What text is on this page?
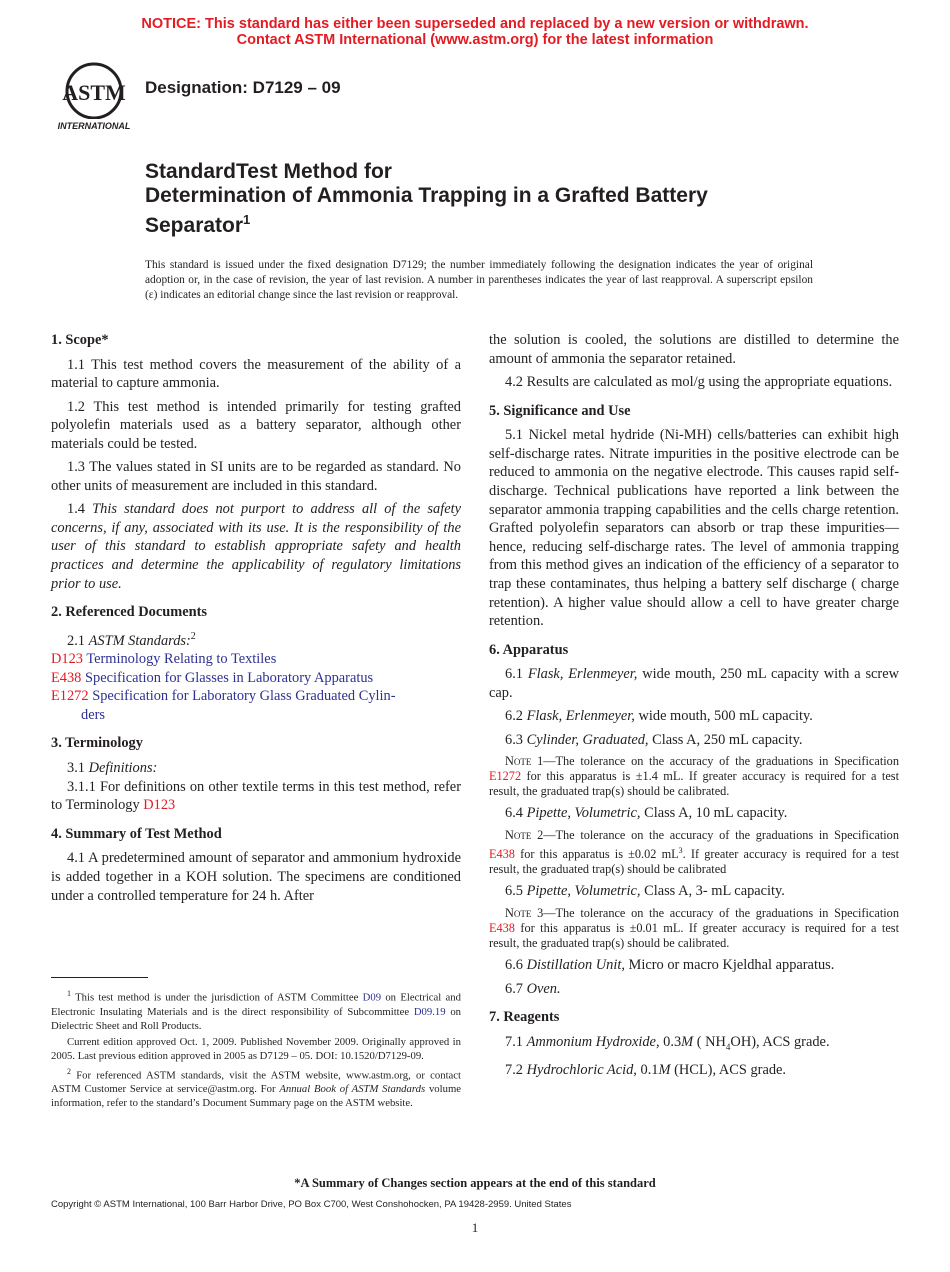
NOTICE: This standard has either been superseded and replaced by a new version or withdrawn.
Contact ASTM International (www.astm.org) for the latest information
ASTM
INTERNATIONAL
Designation: D7129 – 09
StandardTest Method for
Determination of Ammonia Trapping in a Grafted Battery
Separator$^1$
This standard is issued under the fixed designation D7129; the number immediately following the designation indicates the year of original adoption or, in the case of revision, the year of last revision. A number in parentheses indicates the year of last reapproval. A superscript epsilon (ε) indicates an editorial change since the last revision or reapproval.
1. Scope*

1.1 This test method covers the measurement of the ability of a material to capture ammonia.

1.2 This test method is intended primarily for testing grafted polyolefin materials used as a battery separator, although other materials could be tested.

1.3 The values stated in SI units are to be regarded as standard. No other units of measurement are included in this standard.

1.4 This standard does not purport to address all of the safety concerns, if any, associated with its use. It is the responsibility of the user of this standard to establish appropriate safety and health practices and determine the applicability of regulatory limitations prior to use.

2. Referenced Documents

2.1 ASTM Standards:$^2$

D123 Terminology Relating to Textiles
E438 Specification for Glasses in Laboratory Apparatus
E1272 Specification for Laboratory Glass Graduated Cylin-
ders
3. Terminology

3.1 Definitions:

3.1.1 For definitions on other textile terms in this test method, refer to Terminology D123

4. Summary of Test Method

4.1 A predetermined amount of separator and ammonium hydroxide is added together in a KOH solution. The specimens are conditioned under a controlled temperature for 24 h. After

$^1$ This test method is under the jurisdiction of ASTM Committee D09 on Electrical and Electronic Insulating Materials and is the direct responsibility of Subcommittee D09.19 on Dielectric Sheet and Roll Products.

Current edition approved Oct. 1, 2009. Published November 2009. Originally approved in 2005. Last previous edition approved in 2005 as D7129 – 05. DOI: 10.1520/D7129-09.

$^2$ For referenced ASTM standards, visit the ASTM website, www.astm.org, or contact ASTM Customer Service at service@astm.org. For Annual Book of ASTM Standards volume information, refer to the standard’s Document Summary page on the ASTM website.

the solution is cooled, the solutions are distilled to determine the amount of ammonia the separator retained.

4.2 Results are calculated as mol/g using the appropriate equations.

5. Significance and Use

5.1 Nickel metal hydride (Ni-MH) cells/batteries can exhibit high self-discharge rates. Nitrate impurities in the positive electrode can be reduced to ammonia on the negative electrode. This causes rapid self-discharge. Technical publications have reported a link between the separator ammonia trapping capabilities and the cells charge retention. Grafted polyolefin separators can absorb or trap these impurities—hence, reducing self-discharge rates. The level of ammonia trapping from this method gives an indication of the efficiency of a separator to trap these contaminates, thus helping a battery self discharge ( charge retention). A higher value should allow a cell to have greater charge retention.

6. Apparatus

6.1 Flask, Erlenmeyer, wide mouth, 250 mL capacity with a screw cap.

6.2 Flask, Erlenmeyer, wide mouth, 500 mL capacity.

6.3 Cylinder, Graduated, Class A, 250 mL capacity.

Note 1—The tolerance on the accuracy of the graduations in Specification E1272 for this apparatus is ±1.4 mL. If greater accuracy is required for a test result, the graduated trap(s) should be calibrated.

6.4 Pipette, Volumetric, Class A, 10 mL capacity.

Note 2—The tolerance on the accuracy of the graduations in Specification E438 for this apparatus is ±0.02 $mL^3$. If greater accuracy is required for a test result, the graduated trap(s) should be calibrated

6.5 Pipette, Volumetric, Class A, 3- mL capacity.

Note 3—The tolerance on the accuracy of the graduations in Specification E438 for this apparatus is ±0.01 mL. If greater accuracy is required for a test result, the graduated trap(s) should be calibrated.

6.6 Distillation Unit, Micro or macro Kjeldhal apparatus.

6.7 Oven.

7. Reagents

7.1 Ammonium Hydroxide, 0.3M ( $NH_4OH$), ACS grade.

7.2 Hydrochloric Acid, 0.1M (HCL), ACS grade.

*A Summary of Changes section appears at the end of this standard
Copyright © ASTM International, 100 Barr Harbor Drive, PO Box C700, West Conshohocken, PA 19428-2959. United States
1
